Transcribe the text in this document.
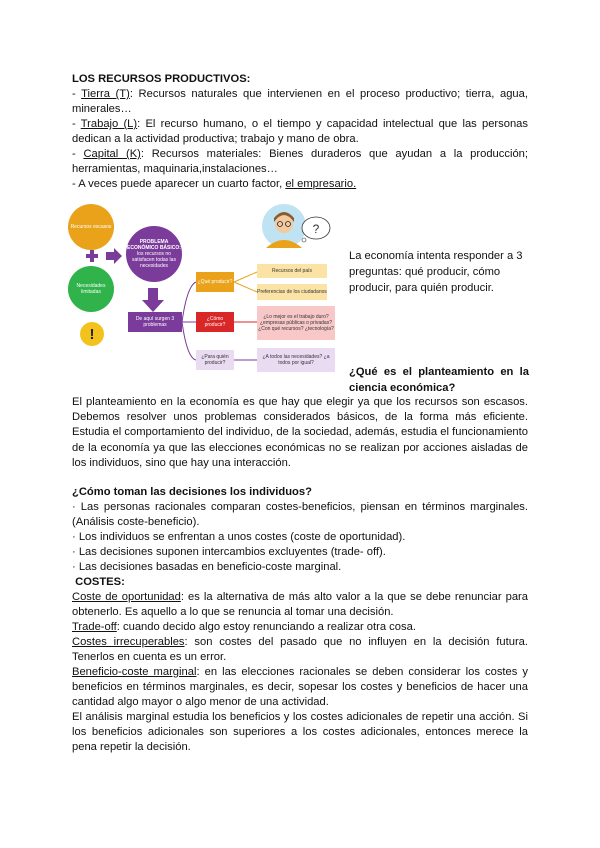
LOS RECURSOS PRODUCTIVOS:
- Tierra (T): Recursos naturales que intervienen en el proceso productivo; tierra, agua, minerales…
- Trabajo (L): El recurso humano, o el tiempo y capacidad intelectual que las personas dedican a la actividad productiva; trabajo y mano de obra.
- Capital (K): Recursos materiales: Bienes duraderos que ayudan a la producción; herramientas, maquinaria,instalaciones…
- A veces puede aparecer un cuarto factor, el empresario.
!
?
Recursos escasos
Necesidades limitadas
PROBLEMA ECONÓMICO BÁSICO:
los recursos no satisfacen todas las necesidades
De aquí surgen 3 problemas
¿Qué producir?
¿Cómo producir?
¿Para quién producir?
Recursos del país
Preferencias de los ciudadanos
¿Lo mejor es el trabajo duro? ¿empresas públicas o privadas? ¿Con qué recursos? ¿tecnología?
¿A todos las necesidades? ¿a todos por igual?
La economía intenta responder a 3 preguntas: qué producir, cómo producir, para quién producir.
¿Qué es el planteamiento en la ciencia económica?
El planteamiento en la economía es que hay que elegir ya que los recursos son escasos. Debemos resolver unos problemas considerados básicos, de la forma más eficiente. Estudia el comportamiento del individuo, de la sociedad, además, estudia el funcionamiento de la economía ya que las elecciones económicas no se realizan por acciones aisladas de los individuos, sino que hay una interacción.
¿Cómo toman las decisiones los individuos?
· Las personas racionales comparan costes-beneficios, piensan en términos marginales. (Análisis coste-beneficio).
· Los individuos se enfrentan a unos costes (coste de oportunidad).
· Las decisiones suponen intercambios excluyentes (trade- off).
· Las decisiones basadas en beneficio-coste marginal.
COSTES:
Coste de oportunidad: es la alternativa de más alto valor a la que se debe renunciar para obtenerlo. Es aquello a lo que se renuncia al tomar una decisión.
Trade-off: cuando decido algo estoy renunciando a realizar otra cosa.
Costes irrecuperables: son costes del pasado que no influyen en la decisión futura. Tenerlos en cuenta es un error.
Beneficio-coste marginal: en las elecciones racionales se deben considerar los costes y beneficios en términos marginales, es decir, sopesar los costes y beneficios de hacer una cantidad algo mayor o algo menor de una actividad.
El análisis marginal estudia los beneficios y los costes adicionales de repetir una acción. Si los beneficios adicionales son superiores a los costes adicionales, entonces merece la pena repetir la decisión.
